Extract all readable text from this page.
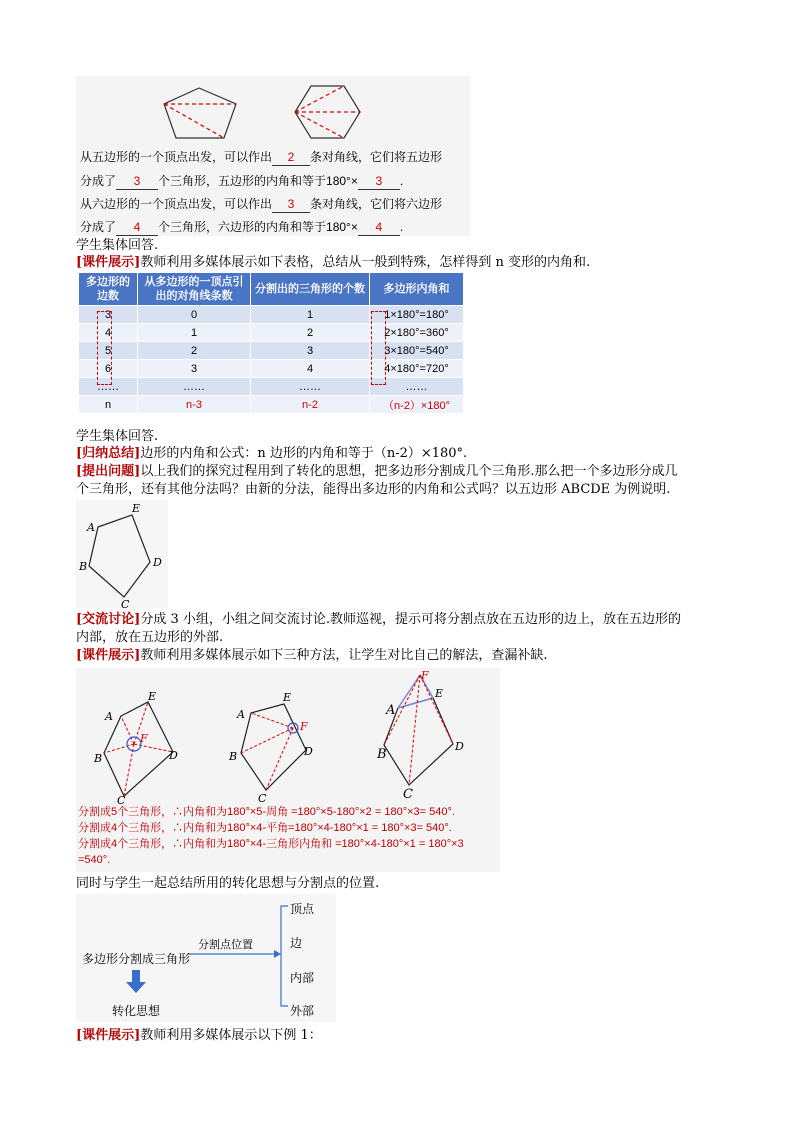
从五边形的一个顶点出发，可以作出 2 条对角线，它们将五边形
分成了 3 个三角形，五边形的内角和等于180°× 3 .
从六边形的一个顶点出发，可以作出 3 条对角线，它们将六边形
分成了 4 个三角形，六边形的内角和等于180°× 4 .
学生集体回答.
[课件展示]教师利用多媒体展示如下表格，总结从一般到特殊，怎样得到 n 变形的内角和.
多边形的边数	从多边形的一顶点引出的对角线条数	分割出的三角形的个数	多边形内角和
3	0	1	1×180°=180°
4	1	2	2×180°=360°
5	2	3	3×180°=540°
6	3	4	4×180°=720°
……	……	……	……
n	n-3	n-2	（n-2）×180°
学生集体回答.
[归纳总结]边形的内角和公式：n 边形的内角和等于（n-2）×180°.
[提出问题]以上我们的探究过程用到了转化的思想，把多边形分割成几个三角形.那么把一个多边形分成几
个三角形，还有其他分法吗？由新的分法，能得出多边形的内角和公式吗？以五边形 ABCDE 为例说明.
A
E
B	D
C
[交流讨论]分成 3 小组，小组之间交流讨论.教师巡视，提示可将分割点放在五边形的边上，放在五边形的
内部，放在五边形的外部.
[课件展示]教师利用多媒体展示如下三种方法，让学生对比自己的解法，查漏补缺.
A
E
F
B	D
C
A
E
F
B	D
C
F
A
E
B
D
C
分割成5个三角形，∴内角和为180°×5-周角 =180°×5-180°×2 = 180°×3= 540°.
分割成4个三角形，∴内角和为180°×4-平角=180°×4-180°×1 = 180°×3= 540°.
分割成4个三角形，∴内角和为180°×4-三角形内角和 =180°×4-180°×1 = 180°×3
=540°.
同时与学生一起总结所用的转化思想与分割点的位置.
多边形分割成三角形
分割点位置
顶点
边
内部
外部
转化思想
[课件展示]教师利用多媒体展示以下例 1：
